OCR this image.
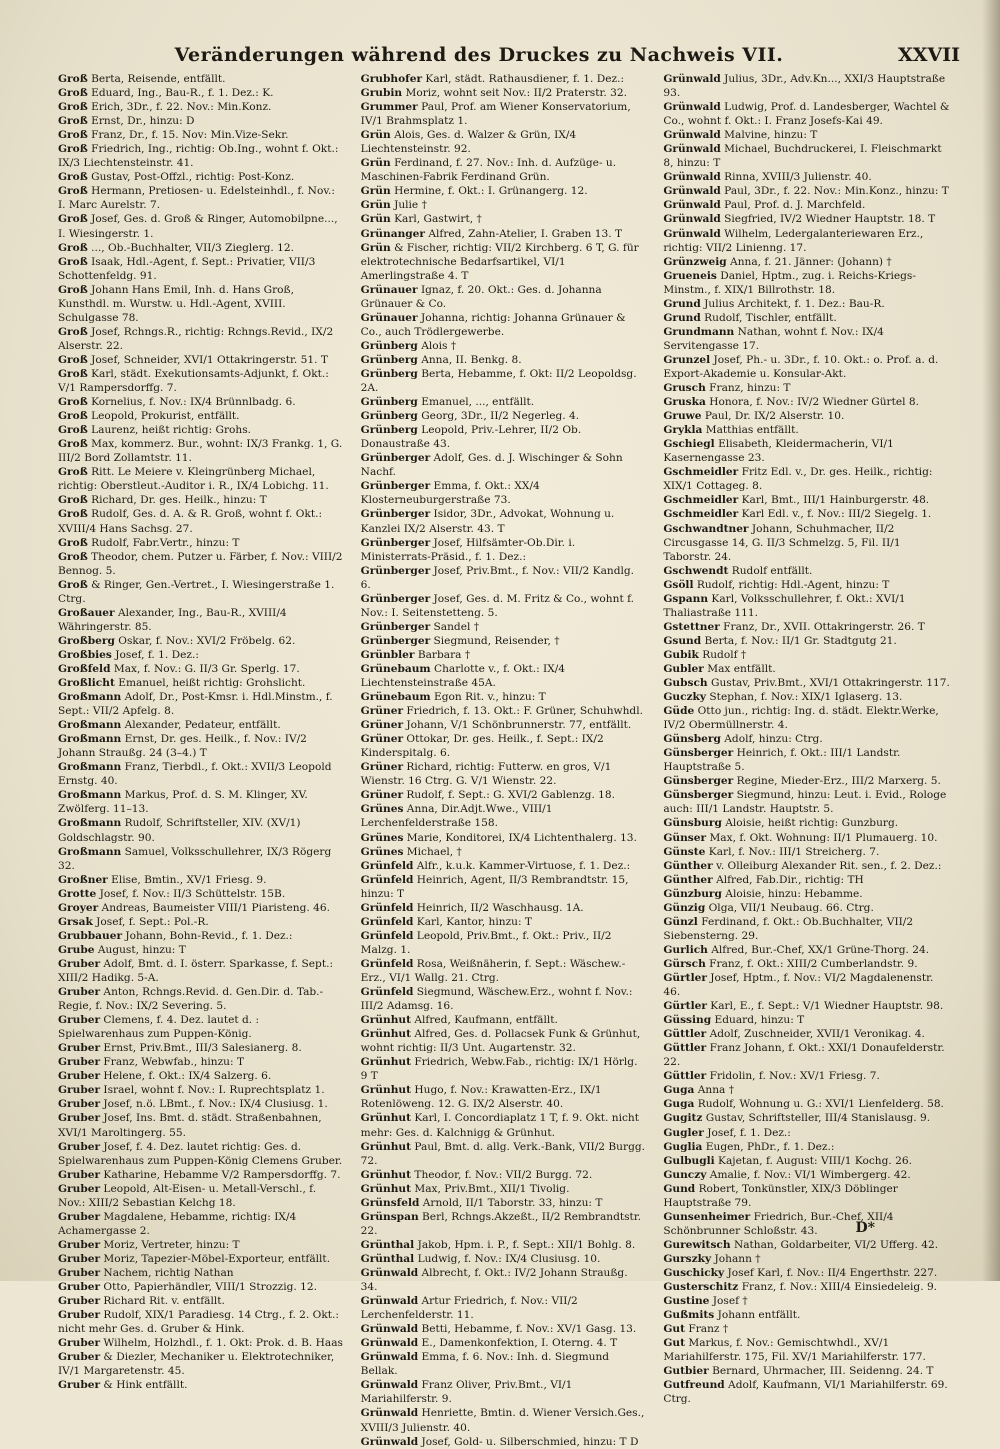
Veränderungen während des Druckes zu Nachweis VII.	XXVII

Groß Berta, Reisende, entfällt.

Groß Eduard, Ing., Bau-R., f. 1. Dez.: K.

Groß Erich, 3Dr., f. 22. Nov.: Min.Konz.

Groß Ernst, Dr., hinzu: D

Groß Franz, Dr., f. 15. Nov: Min.Vize-Sekr.

Groß Friedrich, Ing., richtig: Ob.Ing., wohnt f. Okt.: IX/3 Liechtensteinstr. 41.

Groß Gustav, Post-Offzl., richtig: Post-Konz.

Groß Hermann, Pretiosen- u. Edelsteinhdl., f. Nov.: I. Marc Aurelstr. 7.

Groß Josef, Ges. d. Groß & Ringer, Automobilpne..., I. Wiesingerstr. 1.

Groß ..., Ob.-Buchhalter, VII/3 Zieglerg. 12.

Groß Isaak, Hdl.-Agent, f. Sept.: Privatier, VII/3 Schottenfeldg. 91.

Groß Johann Hans Emil, Inh. d. Hans Groß, Kunsthdl. m. Wurstw. u. Hdl.-Agent, XVIII. Schulgasse 78.

Groß Josef, Rchngs.R., richtig: Rchngs.Revid., IX/2 Alserstr. 22.

Groß Josef, Schneider, XVI/1 Ottakringerstr. 51. T

Groß Karl, städt. Exekutionsamts-Adjunkt, f. Okt.: V/1 Rampersdorffg. 7.

Groß Kornelius, f. Nov.: IX/4 Brünnlbadg. 6.

Groß Leopold, Prokurist, entfällt.

Groß Laurenz, heißt richtig: Grohs.

Groß Max, kommerz. Bur., wohnt: IX/3 Frankg. 1, G. III/2 Bord Zollamtstr. 11.

Groß Ritt. Le Meiere v. Kleingrünberg Michael, richtig: Oberstleut.-Auditor i. R., IX/4 Lobichg. 11.

Groß Richard, Dr. ges. Heilk., hinzu: T

Groß Rudolf, Ges. d. A. & R. Groß, wohnt f. Okt.: XVIII/4 Hans Sachsg. 27.

Groß Rudolf, Fabr.Vertr., hinzu: T

Groß Theodor, chem. Putzer u. Färber, f. Nov.: VIII/2 Bennog. 5.

Groß & Ringer, Gen.-Vertret., I. Wiesingerstraße 1. Ctrg.

Großauer Alexander, Ing., Bau-R., XVIII/4 Währingerstr. 85.

Großberg Oskar, f. Nov.: XVI/2 Fröbelg. 62.

Großbies Josef, f. 1. Dez.:

Großfeld Max, f. Nov.: G. II/3 Gr. Sperlg. 17.

Großlicht Emanuel, heißt richtig: Grohslicht.

Großmann Adolf, Dr., Post-Kmsr. i. Hdl.Minstm., f. Sept.: VII/2 Apfelg. 8.

Großmann Alexander, Pedateur, entfällt.

Großmann Ernst, Dr. ges. Heilk., f. Nov.: IV/2 Johann Straußg. 24 (3–4.) T

Großmann Franz, Tierbdl., f. Okt.: XVII/3 Leopold Ernstg. 40.

Großmann Markus, Prof. d. S. M. Klinger, XV. Zwölferg. 11–13.

Großmann Rudolf, Schriftsteller, XIV. (XV/1) Goldschlagstr. 90.

Großmann Samuel, Volksschullehrer, IX/3 Rögerg 32.

Großner Elise, Bmtin., XV/1 Friesg. 9.

Grotte Josef, f. Nov.: II/3 Schüttelstr. 15B.

Groyer Andreas, Baumeister VIII/1 Piaristeng. 46.

Grsak Josef, f. Sept.: Pol.-R.

Grubbauer Johann, Bohn-Revid., f. 1. Dez.:

Grube August, hinzu: T

Gruber Adolf, Bmt. d. I. österr. Sparkasse, f. Sept.: XIII/2 Hadikg. 5-A.

Gruber Anton, Rchngs.Revid. d. Gen.Dir. d. Tab.-Regie, f. Nov.: IX/2 Severing. 5.

Gruber Clemens, f. 4. Dez. lautet d. : Spielwarenhaus zum Puppen-König.

Gruber Ernst, Priv.Bmt., III/3 Salesianerg. 8.

Gruber Franz, Webwfab., hinzu: T

Gruber Helene, f. Okt.: IX/4 Salzerg. 6.

Gruber Israel, wohnt f. Nov.: I. Ruprechtsplatz 1.

Gruber Josef, n.ö. LBmt., f. Nov.: IX/4 Clusiusg. 1.

Gruber Josef, Ins. Bmt. d. städt. Straßenbahnen, XVI/1 Maroltingerg. 55.

Gruber Josef, f. 4. Dez. lautet richtig: Ges. d. Spielwarenhaus zum Puppen-König Clemens Gruber.

Gruber Katharine, Hebamme V/2 Rampersdorffg. 7.

Gruber Leopold, Alt-Eisen- u. Metall-Verschl., f. Nov.: XIII/2 Sebastian Kelchg 18.

Gruber Magdalene, Hebamme, richtig: IX/4 Achamergasse 2.

Gruber Moriz, Vertreter, hinzu: T

Gruber Moriz, Tapezier-Möbel-Exporteur, entfällt.

Gruber Nachem, richtig Nathan

Gruber Otto, Papierhändler, VIII/1 Strozzig. 12.

Gruber Richard Rit. v. entfällt.

Gruber Rudolf, XIX/1 Paradiesg. 14 Ctrg., f. 2. Okt.: nicht mehr Ges. d. Gruber & Hink.

Gruber Wilhelm, Holzhdl., f. 1. Okt: Prok. d. B. Haas

Gruber & Diezler, Mechaniker u. Elektrotechniker, IV/1 Margaretenstr. 45.

Gruber & Hink entfällt.

Grubhofer Karl, städt. Rathausdiener, f. 1. Dez.:

Grubin Moriz, wohnt seit Nov.: II/2 Praterstr. 32.

Grummer Paul, Prof. am Wiener Konservatorium, IV/1 Brahmsplatz 1.

Grün Alois, Ges. d. Walzer & Grün, IX/4 Liechtensteinstr. 92.

Grün Ferdinand, f. 27. Nov.: Inh. d. Aufzüge- u. Maschinen-Fabrik Ferdinand Grün.

Grün Hermine, f. Okt.: I. Grünangerg. 12.

Grün Julie †

Grün Karl, Gastwirt, †

Grünanger Alfred, Zahn-Atelier, I. Graben 13. T

Grün & Fischer, richtig: VII/2 Kirchberg. 6 T, G. für elektrotechnische Bedarfsartikel, VI/1 Amerlingstraße 4. T

Grünauer Ignaz, f. 20. Okt.: Ges. d. Johanna Grünauer & Co.

Grünauer Johanna, richtig: Johanna Grünauer & Co., auch Trödlergewerbe.

Grünberg Alois †

Grünberg Anna, II. Benkg. 8.

Grünberg Berta, Hebamme, f. Okt: II/2 Leopoldsg. 2A.

Grünberg Emanuel, ..., entfällt.

Grünberg Georg, 3Dr., II/2 Negerleg. 4.

Grünberg Leopold, Priv.-Lehrer, II/2 Ob. Donaustraße 43.

Grünberger Adolf, Ges. d. J. Wischinger & Sohn Nachf.

Grünberger Emma, f. Okt.: XX/4 Klosterneuburgerstraße 73.

Grünberger Isidor, 3Dr., Advokat, Wohnung u. Kanzlei IX/2 Alserstr. 43. T

Grünberger Josef, Hilfsämter-Ob.Dir. i. Ministerrats-Präsid., f. 1. Dez.:

Grünberger Josef, Priv.Bmt., f. Nov.: VII/2 Kandlg. 6.

Grünberger Josef, Ges. d. M. Fritz & Co., wohnt f. Nov.: I. Seitenstetteng. 5.

Grünberger Sandel †

Grünberger Siegmund, Reisender, †

Grünbler Barbara †

Grünebaum Charlotte v., f. Okt.: IX/4 Liechtensteinstraße 45A.

Grünebaum Egon Rit. v., hinzu: T

Grüner Friedrich, f. 13. Okt.: F. Grüner, Schuhwhdl.

Grüner Johann, V/1 Schönbrunnerstr. 77, entfällt.

Grüner Ottokar, Dr. ges. Heilk., f. Sept.: IX/2 Kinderspitalg. 6.

Grüner Richard, richtig: Futterw. en gros, V/1 Wienstr. 16 Ctrg. G. V/1 Wienstr. 22.

Grüner Rudolf, f. Sept.: G. XVI/2 Gablenzg. 18.

Grünes Anna, Dir.Adjt.Wwe., VIII/1 Lerchenfelderstraße 158.

Grünes Marie, Konditorei, IX/4 Lichtenthalerg. 13.

Grünes Michael, †

Grünfeld Alfr., k.u.k. Kammer-Virtuose, f. 1. Dez.:

Grünfeld Heinrich, Agent, II/3 Rembrandtstr. 15, hinzu: T

Grünfeld Heinrich, II/2 Waschhausg. 1A.

Grünfeld Karl, Kantor, hinzu: T

Grünfeld Leopold, Priv.Bmt., f. Okt.: Priv., II/2 Malzg. 1.

Grünfeld Rosa, Weißnäherin, f. Sept.: Wäschew.-Erz., VI/1 Wallg. 21. Ctrg.

Grünfeld Siegmund, Wäschew.Erz., wohnt f. Nov.: III/2 Adamsg. 16.

Grünhut Alfred, Kaufmann, entfällt.

Grünhut Alfred, Ges. d. Pollacsek Funk & Grünhut, wohnt richtig: II/3 Unt. Augartenstr. 32.

Grünhut Friedrich, Webw.Fab., richtig: IX/1 Hörlg. 9 T

Grünhut Hugo, f. Nov.: Krawatten-Erz., IX/1 Rotenlöweng. 12. G. IX/2 Alserstr. 40.

Grünhut Karl, I. Concordiaplatz 1 T, f. 9. Okt. nicht mehr: Ges. d. Kalchnigg & Grünhut.

Grünhut Paul, Bmt. d. allg. Verk.-Bank, VII/2 Burgg. 72.

Grünhut Theodor, f. Nov.: VII/2 Burgg. 72.

Grünhut Max, Priv.Bmt., XII/1 Tivolig.

Grünsfeld Arnold, II/1 Taborstr. 33, hinzu: T

Grünspan Berl, Rchngs.Akzeßt., II/2 Rembrandtstr. 22.

Grünthal Jakob, Hpm. i. P., f. Sept.: XII/1 Bohlg. 8.

Grünthal Ludwig, f. Nov.: IX/4 Clusiusg. 10.

Grünwald Albrecht, f. Okt.: IV/2 Johann Straußg. 34.

Grünwald Artur Friedrich, f. Nov.: VII/2 Lerchenfelderstr. 11.

Grünwald Betti, Hebamme, f. Nov.: XV/1 Gasg. 13.

Grünwald E., Damenkonfektion, I. Oterng. 4. T

Grünwald Emma, f. 6. Nov.: Inh. d. Siegmund Bellak.

Grünwald Franz Oliver, Priv.Bmt., VI/1 Mariahilferstr. 9.

Grünwald Henriette, Bmtin. d. Wiener Versich.Ges., XVIII/3 Julienstr. 40.

Grünwald Josef, Gold- u. Silberschmied, hinzu: T D

Grünwald Julius, 3Dr., Adv.Kn..., XXI/3 Hauptstraße 93.

Grünwald Ludwig, Prof. d. Landesberger, Wachtel & Co., wohnt f. Okt.: I. Franz Josefs-Kai 49.

Grünwald Malvine, hinzu: T

Grünwald Michael, Buchdruckerei, I. Fleischmarkt 8, hinzu: T

Grünwald Rinna, XVIII/3 Julienstr. 40.

Grünwald Paul, 3Dr., f. 22. Nov.: Min.Konz., hinzu: T

Grünwald Paul, Prof. d. J. Marchfeld.

Grünwald Siegfried, IV/2 Wiedner Hauptstr. 18. T

Grünwald Wilhelm, Ledergalanteriewaren Erz., richtig: VII/2 Linienng. 17.

Grünzweig Anna, f. 21. Jänner: (Johann) †

Grueneis Daniel, Hptm., zug. i. Reichs-Kriegs-Minstm., f. XIX/1 Billrothstr. 18.

Grund Julius Architekt, f. 1. Dez.: Bau-R.

Grund Rudolf, Tischler, entfällt.

Grundmann Nathan, wohnt f. Nov.: IX/4 Servitengasse 17.

Grunzel Josef, Ph.- u. 3Dr., f. 10. Okt.: o. Prof. a. d. Export-Akademie u. Konsular-Akt.

Grusch Franz, hinzu: T

Gruska Honora, f. Nov.: IV/2 Wiedner Gürtel 8.

Gruwe Paul, Dr. IX/2 Alserstr. 10.

Grykla Matthias entfällt.

Gschiegl Elisabeth, Kleidermacherin, VI/1 Kasernengasse 23.

Gschmeidler Fritz Edl. v., Dr. ges. Heilk., richtig: XIX/1 Cottageg. 8.

Gschmeidler Karl, Bmt., III/1 Hainburgerstr. 48.

Gschmeidler Karl Edl. v., f. Nov.: III/2 Siegelg. 1.

Gschwandtner Johann, Schuhmacher, II/2 Circusgasse 14, G. II/3 Schmelzg. 5, Fil. II/1 Taborstr. 24.

Gschwendt Rudolf entfällt.

Gsöll Rudolf, richtig: Hdl.-Agent, hinzu: T

Gspann Karl, Volksschullehrer, f. Okt.: XVI/1 Thaliastraße 111.

Gstettner Franz, Dr., XVII. Ottakringerstr. 26. T

Gsund Berta, f. Nov.: II/1 Gr. Stadtgutg 21.

Gubik Rudolf †

Gubler Max entfällt.

Gubsch Gustav, Priv.Bmt., XVI/1 Ottakringerstr. 117.

Guczky Stephan, f. Nov.: XIX/1 Iglaserg. 13.

Güde Otto jun., richtig: Ing. d. städt. Elektr.Werke, IV/2 Obermüllnerstr. 4.

Günsberg Adolf, hinzu: Ctrg.

Günsberger Heinrich, f. Okt.: III/1 Landstr. Hauptstraße 5.

Günsberger Regine, Mieder-Erz., III/2 Marxerg. 5.

Günsberger Siegmund, hinzu: Leut. i. Evid., Rologe auch: III/1 Landstr. Hauptstr. 5.

Günsburg Aloisie, heißt richtig: Gunzburg.

Günser Max, f. Okt. Wohnung: II/1 Plumauerg. 10.

Günste Karl, f. Nov.: III/1 Streicherg. 7.

Günther v. Olleiburg Alexander Rit. sen., f. 2. Dez.:

Günther Alfred, Fab.Dir., richtig: TH

Günzburg Aloisie, hinzu: Hebamme.

Günzig Olga, VII/1 Neubaug. 66. Ctrg.

Günzl Ferdinand, f. Okt.: Ob.Buchhalter, VII/2 Siebensterng. 29.

Gurlich Alfred, Bur.-Chef, XX/1 Grüne-Thorg. 24.

Gürsch Franz, f. Okt.: XIII/2 Cumberlandstr. 9.

Gürtler Josef, Hptm., f. Nov.: VI/2 Magdalenenstr. 46.

Gürtler Karl, E., f. Sept.: V/1 Wiedner Hauptstr. 98.

Güssing Eduard, hinzu: T

Güttler Adolf, Zuschneider, XVII/1 Veronikag. 4.

Güttler Franz Johann, f. Okt.: XXI/1 Donaufelderstr. 22.

Güttler Fridolin, f. Nov.: XV/1 Friesg. 7.

Guga Anna †

Guga Rudolf, Wohnung u. G.: XVI/1 Lienfelderg. 58.

Gugitz Gustav, Schriftsteller, III/4 Stanislausg. 9.

Gugler Josef, f. 1. Dez.:

Guglia Eugen, PhDr., f. 1. Dez.:

Gulbugli Kajetan, f. August: VIII/1 Kochg. 26.

Gunczy Amalie, f. Nov.: VI/1 Wimbergerg. 42.

Gund Robert, Tonkünstler, XIX/3 Döblinger Hauptstraße 79.

Gunsenheimer Friedrich, Bur.-Chef, XII/4 Schönbrunner Schloßstr. 43.

Gurewitsch Nathan, Goldarbeiter, VI/2 Ufferg. 42.

Gurszky Johann †

Guschicky Josef Karl, f. Nov.: II/4 Engerthstr. 227.

Gusterschitz Franz, f. Nov.: XIII/4 Einsiedeleig. 9.

Gustine Josef †

Gußmits Johann entfällt.

Gut Franz †

Gut Markus, f. Nov.: Gemischtwhdl., XV/1 Mariahilferstr. 175, Fil. XV/1 Mariahilferstr. 177.

Gutbier Bernard, Uhrmacher, III. Seidenng. 24. T

Gutfreund Adolf, Kaufmann, VI/1 Mariahilferstr. 69. Ctrg.

D*
